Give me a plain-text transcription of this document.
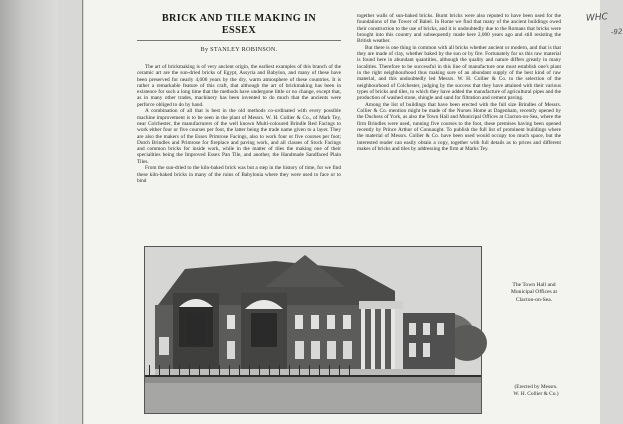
BRICK AND TILE MAKING IN
ESSEX
By STANLEY ROBINSON.

The art of brickmaking is of very ancient origin, the earliest examples of this branch of the ceramic art are the sun-dried bricks of Egypt, Assyria and Babylon, and many of these have been preserved for nearly 4,000 years by the dry, warm atmosphere of these countries. It is rather a remarkable feature of this craft, that although the art of brickmaking has been in existence for such a long time that the methods have undergone little or no change, except that, as in many other trades, machinery has been invented to do much that the ancients were perforce obliged to do by hand.

A combination of all that is best in the old methods co-ordinated with every possible machine improvement is to be seen in the plant of Messrs. W. H. Collier & Co., of Mark Tey, near Colchester, the manufacturers of the well known Multi-coloured Brindle Red Facings to work either four or five courses per foot, the latter being the trade name given to a layer. They are also the makers of the Essex Primrose Facings, also to work four or five courses per foot; Dutch Brindles and Primrose for fireplace and paving work, and all classes of Stock Facings and common bricks for inside work, while in the matter of tiles the making one of their specialities being the Improved Essex Pan Tile, and another, the Handmade Sandfaced Plain Tiles.

From the sun-dried to the kiln-baked brick was but a step in the history of time, for we find these kiln-baked bricks in many of the ruins of Babylonia where they were used to face or to bind

together walls of sun-baked bricks. Burnt bricks were also reputed to have been used for the foundations of the Tower of Babel. In Rome we find that many of the ancient buildings owed their construction to the use of bricks, and it is undoubtedly due to the Romans that bricks were brought into this country and subsequently made here 2,000 years ago and still resisting the British weather.

But there is one thing in common with all bricks whether ancient or modern, and that is that they are made of clay, whether baked by the sun or by fire. Fortunately for us this raw material is found here in abundant quantities, although the quality and nature differs greatly in many localities. Therefore to be successful in this line of manufacture one must establish one's plant in the right neighbourhood thus making sure of an abundant supply of the best kind of raw material, and this undoubtedly led Messrs. W. H. Collier & Co. to the selection of the neighbourhood of Colchester, judging by the success that they have attained with their various types of bricks and tiles, to which they have added the manufacture of agricultural pipes and the production of washed stone, shingle and sand for filtration and cement paving.

Among the list of buildings that have been erected with the full size Brindles of Messrs. Collier & Co. mention might be made of the Nurses Home at Dagenham, recently opened by the Duchess of York, as also the Town Hall and Municipal Offices at Clacton-on-Sea, where the firm Brindles were used, running five courses to the foot, these premises having been opened recently by Prince Arthur of Connaught. To publish the full list of prominent buildings where the material of Messrs. Collier & Co. have been used would occupy too much space, but the interested reader can easily obtain a copy, together with full details as to prices and different makes of bricks and tiles by addressing the firm at Marks Tey.

The Town Hall and
Municipal Offices at
Clacton-on-Sea.
(Erected by Messrs.
W. H. Collier & Co.)
WHC
-92
